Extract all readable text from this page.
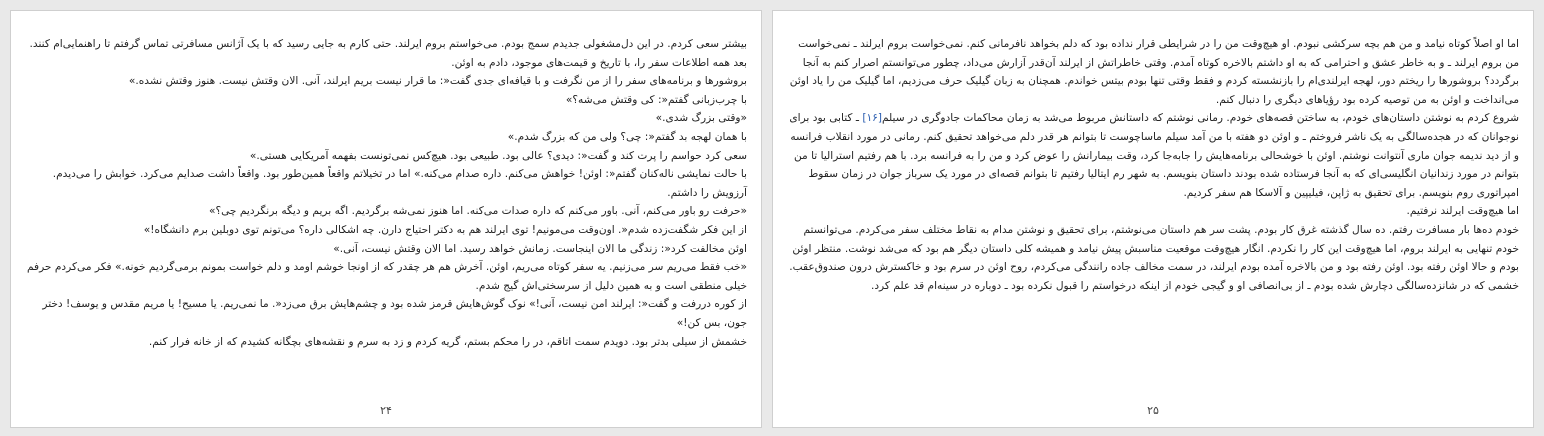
بیشتر سعی کردم. در این دل‌مشغولی جدیدم سمج بودم. می‌خواستم بروم ایرلند. حتی کارم به جایی رسید که با یک آژانس مسافرتی تماس گرفتم تا راهنمایی‌ام کنند. بعد همه اطلاعات سفر را، با تاریخ و قیمت‌های موجود، دادم به اوئن.

بروشورها و برنامه‌های سفر را از من نگرفت و با قیافه‌ای جدی گفت«: ما قرار نیست بریم ایرلند، آنی. الان وقتش نیست. هنوز وقتش نشده.»

با چرب‌زبانی گفتم«: کی وقتش می‌شه؟»

«وقتی بزرگ شدی.»

با همان لهجه بد گفتم«: چی؟ ولی من که بزرگ شدم.»

سعی کرد حواسم را پرت کند و گفت«: دیدی؟ عالی بود. طبیعی بود. هیچ‌کس نمی‌تونست بفهمه آمریکایی هستی.»

با حالت نمایشی ناله‌کنان گفتم«: اوئن! خواهش می‌کنم. داره صدام می‌کنه.» اما در تخیلاتم واقعاً همین‌طور بود. واقعاً داشت صدایم می‌کرد. خوابش را می‌دیدم. آرزویش را داشتم.

«حرفت رو باور می‌کنم، آنی. باور می‌کنم که داره صدات می‌کنه. اما هنوز نمی‌شه برگردیم. اگه بریم و دیگه برنگردیم چی؟»

از این فکر شگفت‌زده شدم«. اون‌وقت می‌مونیم! توی ایرلند هم به دکتر احتیاج دارن. چه اشکالی داره؟ می‌تونم توی دوبلین برم دانشگاه!»

اوئن مخالفت کرد«: زندگی ما الان اینجاست. زمانش خواهد رسید. اما الان وقتش نیست، آنی.»

«خب فقط می‌ریم سر می‌زنیم. یه سفر کوتاه می‌ریم، اوئن. آخرش هم هر چقدر که از اونجا خوشم اومد و دلم خواست بمونم برمی‌گردیم خونه.» فکر می‌کردم حرفم خیلی منطقی است و به همین دلیل از سرسختی‌اش گیج شدم.

از کوره دررفت و گفت«: ایرلند امن نیست، آنی!» نوک گوش‌هایش قرمز شده بود و چشم‌هایش برق می‌زد«. ما نمی‌ریم. یا مسیح! یا مریم مقدس و یوسف! دختر جون، بس کن!»

خشمش از سیلی بدتر بود. دویدم سمت اتاقم، در را محکم بستم، گریه کردم و زد به سرم و نقشه‌های بچگانه کشیدم که از خانه فرار کنم.

۲۴

اما او اصلاً کوتاه نیامد و من هم بچه سرکشی نبودم. او هیچ‌وقت من را در شرایطی قرار نداده بود که دلم بخواهد نافرمانی کنم. نمی‌خواست بروم ایرلند ـ نمی‌خواست من بروم ایرلند ـ و به خاطر عشق و احترامی که به او داشتم بالاخره کوتاه آمدم. وقتی خاطراتش از ایرلند آن‌قدر آزارش می‌داد، چطور می‌توانستم اصرار کنم به آنجا برگردد؟ بروشورها را ریختم دور، لهجه ایرلندی‌ام را بازنشسته کردم و فقط وقتی تنها بودم بیتس خواندم. همچنان به زبان گیلیک حرف می‌زدیم، اما گیلیک من را یاد اوئن می‌انداخت و اوئن به من توصیه کرده بود رؤیاهای دیگری را دنبال کنم.

شروع کردم به نوشتن داستان‌های خودم، به ساختن قصه‌های خودم. رمانی نوشتم که داستانش مربوط می‌شد به زمان محاکمات جادوگری در سیلم[۱۶] ـ کتابی بود برای نوجوانان که در هجده‌سالگی به یک ناشر فروختم ـ و اوئن دو هفته با من آمد سیلم ماساچوست تا بتوانم هر قدر دلم می‌خواهد تحقیق کنم. رمانی در مورد انقلاب فرانسه و از دید ندیمه جوان ماری آنتوانت نوشتم. اوئن با خوشحالی برنامه‌هایش را جابه‌جا کرد، وقت بیمارانش را عوض کرد و من را به فرانسه برد. با هم رفتیم استرالیا تا من بتوانم در مورد زندانیان انگلیسی‌ای که به آنجا فرستاده شده بودند داستان بنویسم. به شهر رم ایتالیا رفتیم تا بتوانم قصه‌ای در مورد یک سرباز جوان در زمان سقوط امپراتوری روم بنویسم. برای تحقیق به ژاپن، فیلیپین و آلاسکا هم سفر کردیم.

اما هیچ‌وقت ایرلند نرفتیم.

خودم ده‌ها بار مسافرت رفتم. ده سال گذشته غرق کار بودم. پشت سر هم داستان می‌نوشتم، برای تحقیق و نوشتن مدام به نقاط مختلف سفر می‌کردم. می‌توانستم خودم تنهایی به ایرلند بروم، اما هیچ‌وقت این کار را نکردم. انگار هیچ‌وقت موقعیت مناسبش پیش نیامد و همیشه کلی داستان دیگر هم بود که می‌شد نوشت. منتظر اوئن بودم و حالا اوئن رفته بود. اوئن رفته بود و من بالاخره آمده بودم ایرلند، در سمت مخالف جاده رانندگی می‌کردم، روح اوئن در سرم بود و خاکسترش درون صندوق‌عقب.

خشمی که در شانزده‌سالگی دچارش شده بودم ـ از بی‌انصافی او و گیجی خودم از اینکه درخواستم را قبول نکرده بود ـ دوباره در سینه‌ام قد علم کرد.

۲۵
